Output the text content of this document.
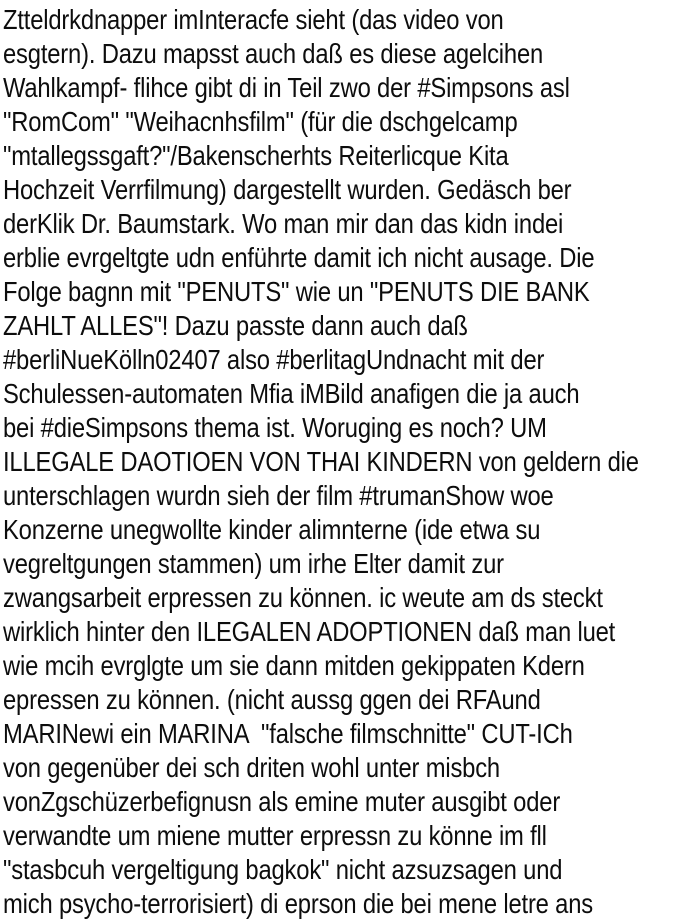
Ztteldrkdnapper imInteracfe sieht (das video von
esgtern). Dazu mapsst auch daß es diese agelcihen
Wahlkampf- flihce gibt di in Teil zwo der #Simpsons asl
"RomCom" "Weihacnhsfilm" (für die dschgelcamp
"mtallegssgaft?"/Bakenscherhts Reiterlicque Kita
Hochzeit Verrfilmung) dargestellt wurden. Gedäsch ber
derKlik Dr. Baumstark. Wo man mir dan das kidn indei
erblie evrgeltgte udn enführte damit ich nicht ausage. Die
Folge bagnn mit "PENUTS" wie un "PENUTS DIE BANK
ZAHLT ALLES"! Dazu passte dann auch daß
#berliNueKölln02407 also #berlitagUndnacht mit der
Schulessen-automaten Mfia iMBild anafigen die ja auch
bei #dieSimpsons thema ist. Woruging es noch? UM
ILLEGALE DAOTIOEN VON THAI KINDERN von geldern die
unterschlagen wurdn sieh der film #trumanShow woe
Konzerne unegwollte kinder alimnterne (ide etwa su
vegreltgungen stammen) um irhe Elter damit zur
zwangsarbeit erpressen zu können. ic weute am ds steckt
wirklich hinter den ILEGALEN ADOPTIONEN daß man luet
wie mcih evrglgte um sie dann mitden gekippaten Kdern
epressen zu können. (nicht aussg ggen dei RFAund
MARINewi ein MARINA  "falsche filmschnitte" CUT-ICh
von gegenüber dei sch driten wohl unter misbch
vonZgschüzerbefignusn als emine muter ausgibt oder
verwandte um miene mutter erpressn zu könne im fll
"stasbcuh vergeltigung bagkok" nicht azsuzsagen und
mich psycho-terrorisiert) di eprson die bei mene letre ans
